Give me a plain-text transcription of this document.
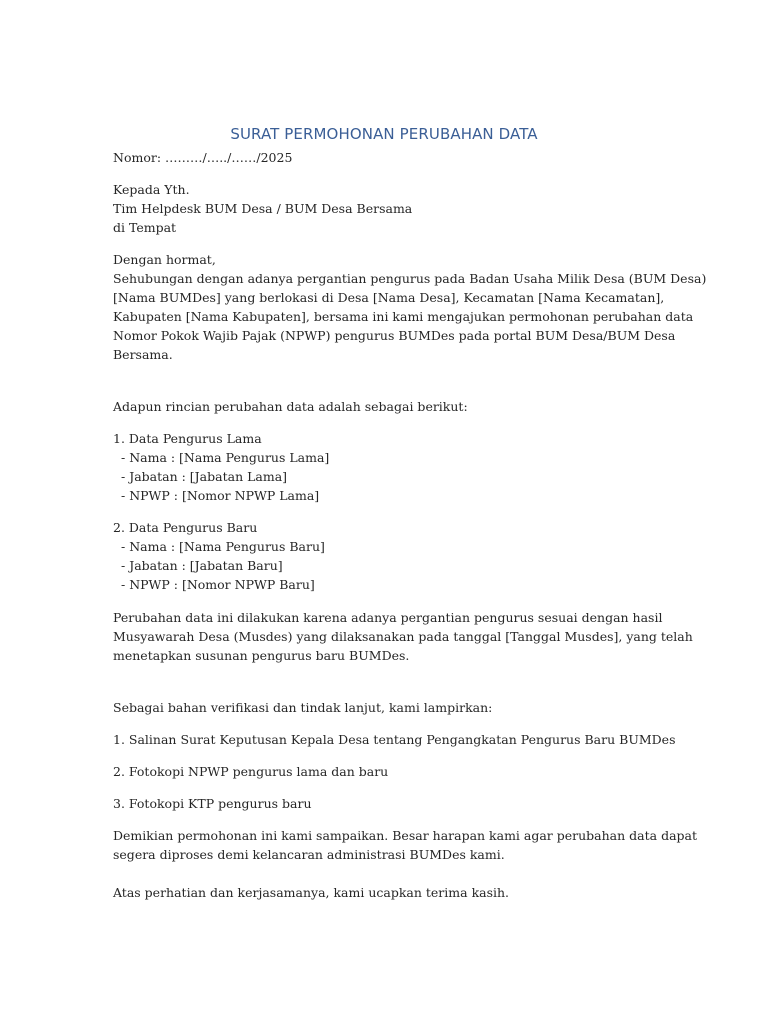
SURAT PERMOHONAN PERUBAHAN DATA
Nomor: ………/…../……/2025
Kepada Yth.
Tim Helpdesk BUM Desa / BUM Desa Bersama
di Tempat
Dengan hormat,
Sehubungan dengan adanya pergantian pengurus pada Badan Usaha Milik Desa (BUM Desa)
[Nama BUMDes] yang berlokasi di Desa [Nama Desa], Kecamatan [Nama Kecamatan],
Kabupaten [Nama Kabupaten], bersama ini kami mengajukan permohonan perubahan data
Nomor Pokok Wajib Pajak (NPWP) pengurus BUMDes pada portal BUM Desa/BUM Desa
Bersama.
Adapun rincian perubahan data adalah sebagai berikut:
1. Data Pengurus Lama
- Nama : [Nama Pengurus Lama]
- Jabatan : [Jabatan Lama]
- NPWP : [Nomor NPWP Lama]
2. Data Pengurus Baru
- Nama : [Nama Pengurus Baru]
- Jabatan : [Jabatan Baru]
- NPWP : [Nomor NPWP Baru]
Perubahan data ini dilakukan karena adanya pergantian pengurus sesuai dengan hasil
Musyawarah Desa (Musdes) yang dilaksanakan pada tanggal [Tanggal Musdes], yang telah
menetapkan susunan pengurus baru BUMDes.
Sebagai bahan verifikasi dan tindak lanjut, kami lampirkan:
1. Salinan Surat Keputusan Kepala Desa tentang Pengangkatan Pengurus Baru BUMDes
2. Fotokopi NPWP pengurus lama dan baru
3. Fotokopi KTP pengurus baru
Demikian permohonan ini kami sampaikan. Besar harapan kami agar perubahan data dapat
segera diproses demi kelancaran administrasi BUMDes kami.
Atas perhatian dan kerjasamanya, kami ucapkan terima kasih.
